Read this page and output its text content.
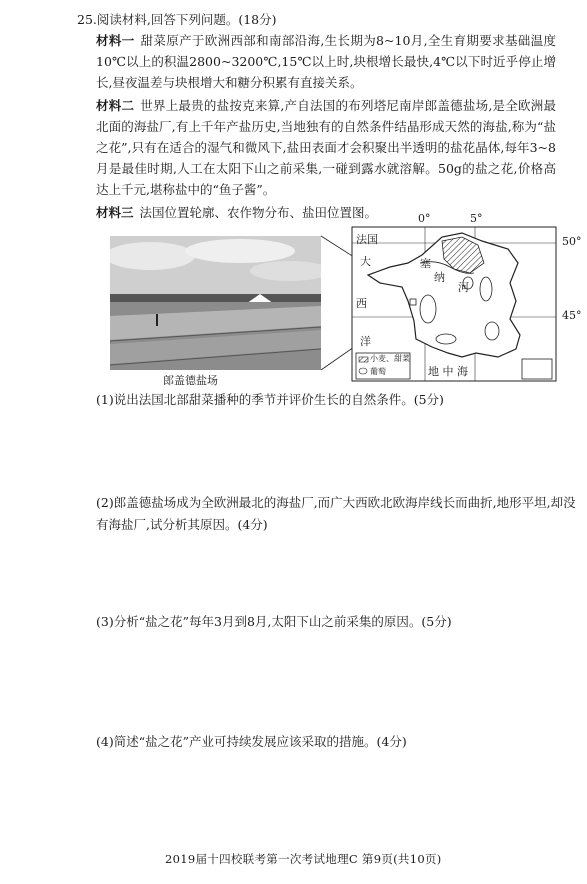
25.阅读材料,回答下列问题。(18分)
材料一 甜菜原产于欧洲西部和南部沿海,生长期为8~10月,全生育期要求基础温度10℃以上的积温2800~3200℃,15℃以上时,块根增长最快,4℃以下时近乎停止增长,昼夜温差与块根增大和糖分积累有直接关系。
材料二 世界上最贵的盐按克来算,产自法国的布列塔尼南岸郎盖德盐场,是全欧洲最北面的海盐厂,有上千年产盐历史,当地独有的自然条件结晶形成天然的海盐,称为“盐之花”,只有在适合的湿气和微风下,盐田表面才会积聚出半透明的盐花晶体,每年3~8月是最佳时期,人工在太阳下山之前采集,一碰到露水就溶解。50g的盐之花,价格高达上千元,堪称盐中的“鱼子酱”。
材料三 法国位置轮廓、农作物分布、盐田位置图。
郎盖德盐场
法国
0°	5°
50°
45°
大
西
洋
塞
纳
河
地 中 海
小麦、甜菜
葡萄
(1)说出法国北部甜菜播种的季节并评价生长的自然条件。(5分)
(2)郎盖德盐场成为全欧洲最北的海盐厂,而广大西欧北欧海岸线长而曲折,地形平坦,却没有海盐厂,试分析其原因。(4分)
(3)分析“盐之花”每年3月到8月,太阳下山之前采集的原因。(5分)
(4)简述“盐之花”产业可持续发展应该采取的措施。(4分)
2019届十四校联考第一次考试地理C 第9页(共10页)
